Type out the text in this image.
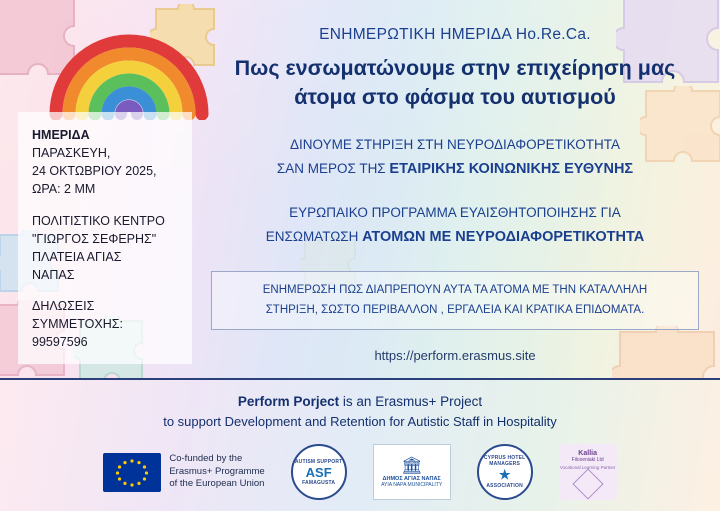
ΗΜΕΡΙΔΑ
ΠΑΡΑΣΚΕΥΗ,
24 ΟΚΤΩΒΡΙΟΥ 2025,
ΩΡΑ: 2 MM
ΠΟΛΙΤΙΣΤΙΚΟ ΚΕΝΤΡΟ
"ΓΙΩΡΓΟΣ ΣΕΦΕΡΗΣ"
ΠΛΑΤΕΙΑ ΑΓΙΑΣ
ΝΑΠΑΣ
ΔΗΛΩΣΕΙΣ
ΣΥΜΜΕΤΟΧΗΣ:
99597596
ΕΝΗΜΕΡΩΤΙΚΗ ΗΜΕΡΙΔΑ Ho.Re.Ca.
Πως ενσωματώνουμε στην επιχείρηση μας
άτομα στο φάσμα του αυτισμού
ΔΙΝΟΥΜΕ ΣΤΗΡΙΞΗ ΣΤΗ ΝΕΥΡΟΔΙΑΦΟΡΕΤΙΚΟΤΗΤΑ
ΣΑΝ ΜΕΡΟΣ ΤΗΣ ΕΤΑΙΡΙΚΗΣ ΚΟΙΝΩΝΙΚΗΣ ΕΥΘΥΝΗΣ
ΕΥΡΩΠΑΙΚΟ ΠΡΟΓΡΑΜΜΑ ΕΥΑΙΣΘΗΤΟΠΟΙΗΣΗΣ ΓΙΑ
ΕΝΣΩΜΑΤΩΣΗ ΑΤΟΜΩΝ ΜΕ ΝΕΥΡΟΔΙΑΦΟΡΕΤΙΚΟΤΗΤΑ
ΕΝΗΜΕΡΩΣΗ ΠΩΣ ΔΙΑΠΡΕΠΟΥΝ ΑΥΤΑ ΤΑ ΑΤΟΜΑ ΜΕ ΤΗΝ ΚΑΤΑΛΛΗΛΗ
ΣΤΗΡΙΞΗ, ΣΩΣΤΟ ΠΕΡΙΒΑΛΛΟΝ , ΕΡΓΑΛΕΙΑ ΚΑΙ ΚΡΑΤΙΚΑ ΕΠΙΔΟΜΑΤΑ.
https://perform.erasmus.site
Perform Porject is an Erasmus+ Project
to support Development and Retention for Autistic Staff in Hospitality
Co-funded by the
Erasmus+ Programme
of the European Union
AUTISM SUPPORT
ASF
FAMAGUSTA
🏛
ΔΗΜΟΣ ΑΓΙΑΣ ΝΑΠΑΣ
AYIA NAPA MUNICIPALITY
CYPRUS HOTEL MANAGERS
★
ASSOCIATION
Kallia
Filoxeniaki Ltd
Vocational Learning Partner
